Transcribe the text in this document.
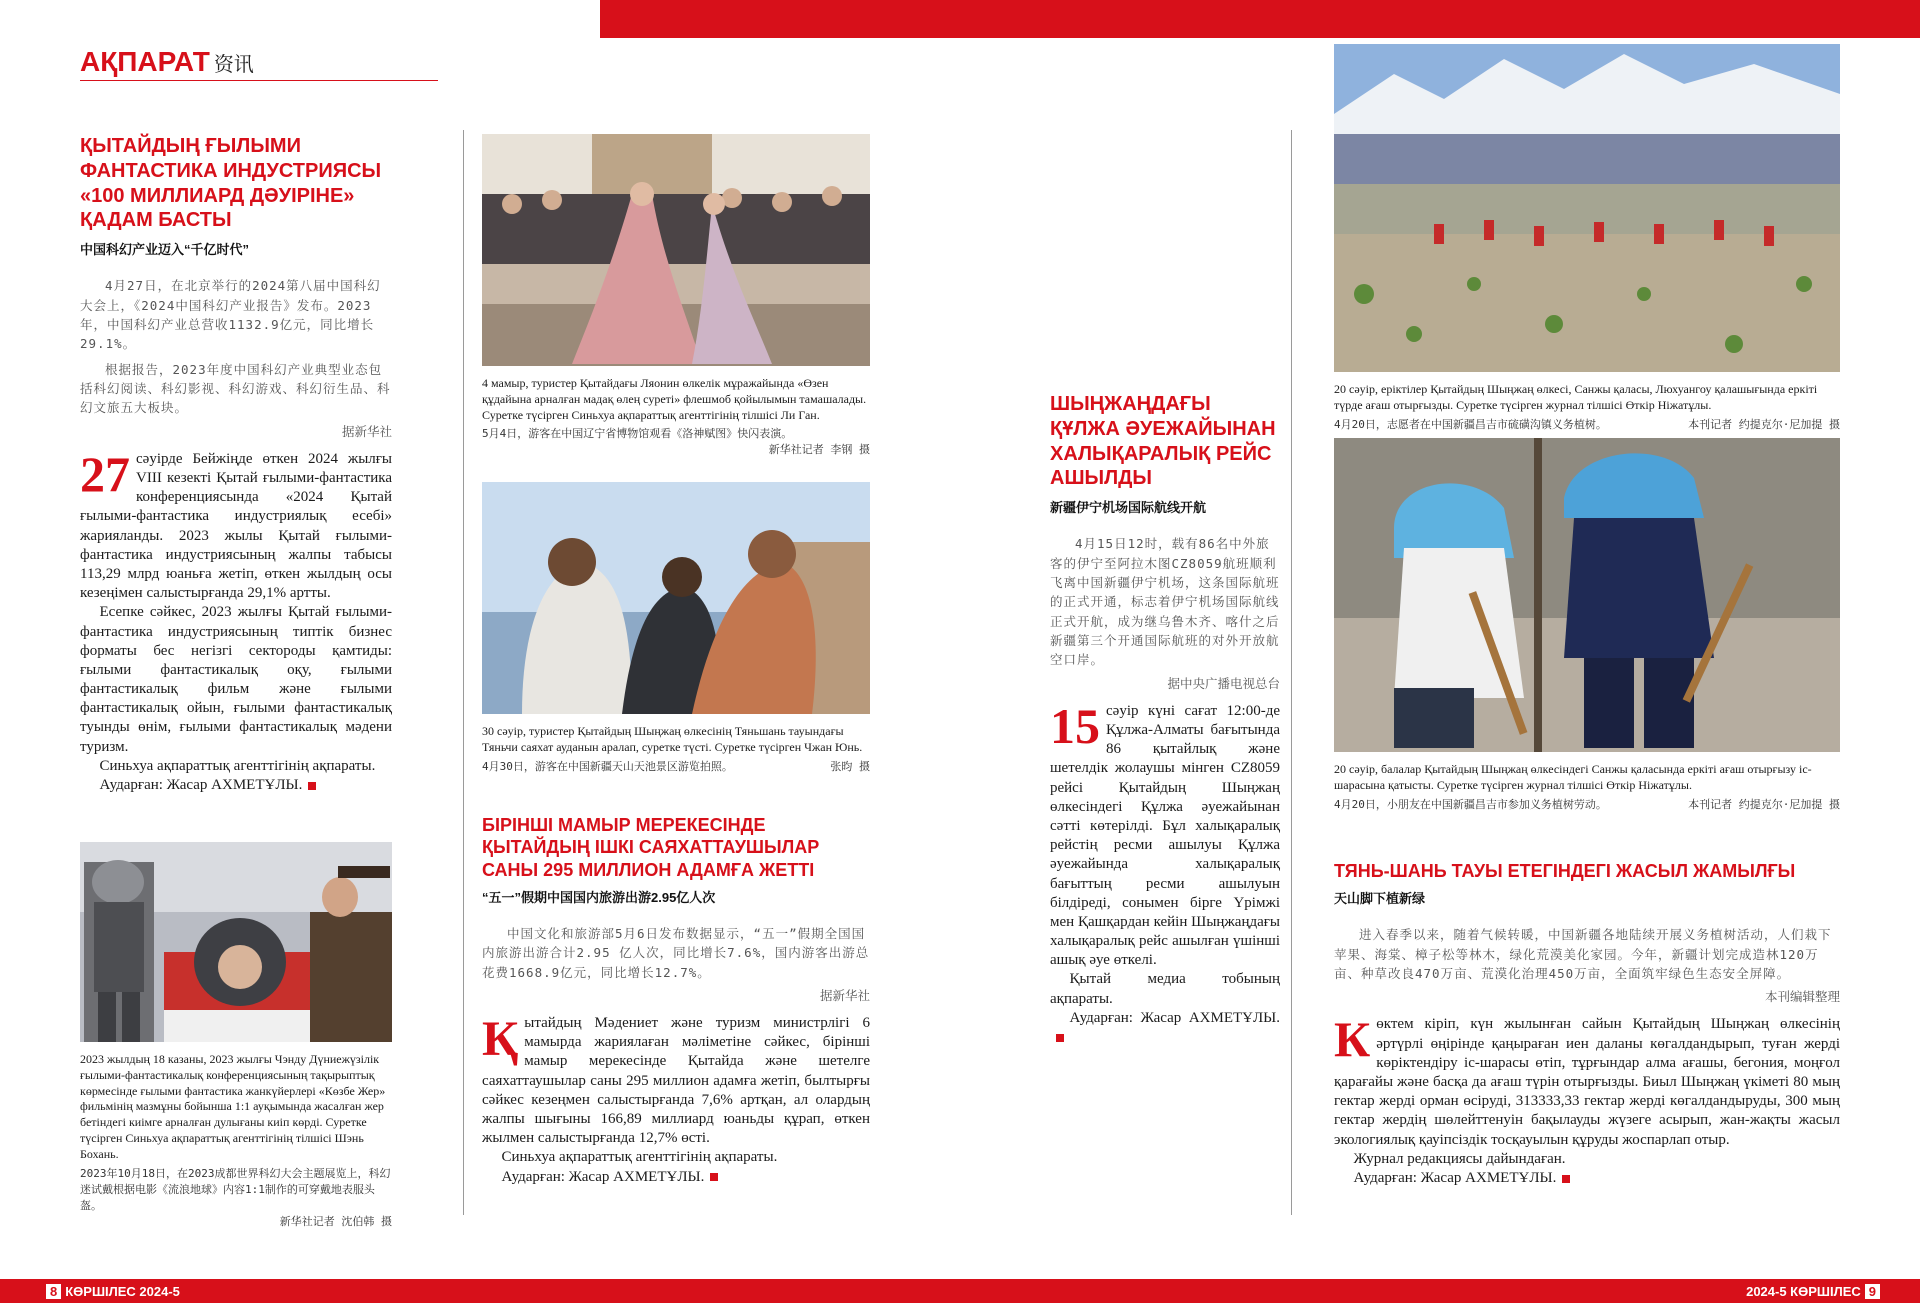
АҚПАРАТ 资讯
ҚЫТАЙДЫҢ ҒЫЛЫМИ ФАНТАСТИКА ИНДУСТРИЯСЫ «100 МИЛЛИАРД ДӘУІРІНЕ» ҚАДАМ БАСТЫ
中国科幻产业迈入“千亿时代”

4月27日，在北京举行的2024第八届中国科幻大会上，《2024中国科幻产业报告》发布。2023年，中国科幻产业总营收1132.9亿元，同比增长29.1%。

根据报告，2023年度中国科幻产业典型业态包括科幻阅读、科幻影视、科幻游戏、科幻衍生品、科幻文旅五大板块。

据新华社

27 сәуірде Бейжіңде өткен 2024 жылғы VIII кезекті Қытай ғылыми-фантастика конференциясында «2024 Қытай ғылыми-фантастика индустриялық есебі» жарияланды. 2023 жылы Қытай ғылыми-фантастика индустриясының жалпы табысы 113,29 млрд юаньға жетіп, өткен жылдың осы кезеңімен салыстырғанда 29,1% артты.

Есепке сәйкес, 2023 жылғы Қытай ғылыми-фантастика индустриясының типтік бизнес форматы бес негізгі сектороды қамтиды: ғылыми фантастикалық оқу, ғылыми фантастикалық фильм және ғылыми фантастикалық ойын, ғылыми фантастикалық туынды өнім, ғылыми фантастикалық мәдени туризм.

Синьхуа ақпараттық агенттігінің ақпараты.

Аударған: Жасар АХМЕТҰЛЫ.

2023 жылдың 18 казаны, 2023 жылғы Чэнду Дүниежүзілік ғылыми-фантастикалық конференциясының тақырыптық көрмесінде ғылыми фантастика жанкүйерлері «Көзбе Жер» фильмінің мазмұны бойынша 1:1 ауқымында жасалған жер бетіндегі киімге арналған дулығаны киіп көрді. Суретке түсірген Синьхуа ақпараттық агенттігінің тілшісі Шэнь Бохань.
2023年10月18日，在2023成都世界科幻大会主题展览上，科幻迷试戴根据电影《流浪地球》内容1:1制作的可穿戴地表服头盔。
新华社记者 沈伯韩 摄
4 мамыр, туристер Қытайдағы Ляонин өлкелік мұражайында «Өзен құдайына арналған мадақ өлең суреті» флешмоб қойылымын тамашалады. Суретке түсірген Синьхуа ақпараттық агенттігінің тілшісі Ли Ган.
5月4日，游客在中国辽宁省博物馆观看《洛神赋图》快闪表演。
新华社记者 李钢 摄
30 сәуір, туристер Қытайдың Шыңжаң өлкесінің Тяньшань тауындағы Тяньчи саяхат ауданын аралап, суретке түсті. Суретке түсірген Чжан Юнь.
4月30日，游客在中国新疆天山天池景区游览拍照。	张昀 摄
БІРІНШІ МАМЫР МЕРЕКЕСІНДЕ ҚЫТАЙДЫҢ ІШКІ САЯХАТТАУШЫЛАР САНЫ 295 МИЛЛИОН АДАМҒА ЖЕТТІ
“五一”假期中国国内旅游出游2.95亿人次

中国文化和旅游部5月6日发布数据显示，“五一”假期全国国内旅游出游合计2.95 亿人次，同比增长7.6%，国内游客出游总花费1668.9亿元，同比增长12.7%。

据新华社

Қытайдың Мәдениет және туризм министрлігі 6 мамырда жариялаған мәліметіне сәйкес, бірінші мамыр мерекесінде Қытайда және шетелге саяхаттаушылар саны 295 миллион адамға жетіп, былтырғы сәйкес кезеңмен салыстырғанда 7,6% артқан, ал олардың жалпы шығыны 166,89 миллиард юаньды құрап, өткен жылмен салыстырғанда 12,7% өсті.

Синьхуа ақпараттық агенттігінің ақпараты.

Аударған: Жасар АХМЕТҰЛЫ.

ШЫҢЖАҢДАҒЫ ҚҰЛЖА ӘУЕЖАЙЫНАН ХАЛЫҚАРАЛЫҚ РЕЙС АШЫЛДЫ
新疆伊宁机场国际航线开航

4月15日12时，载有86名中外旅客的伊宁至阿拉木图CZ8059航班顺利飞离中国新疆伊宁机场，这条国际航班的正式开通，标志着伊宁机场国际航线正式开航，成为继乌鲁木齐、喀什之后新疆第三个开通国际航班的对外开放航空口岸。

据中央广播电视总台

15 сәуір күні сағат 12:00-де Құлжа-Алматы бағытында 86 қытайлық және шетелдік жолаушы мінген CZ8059 рейсі Қытайдың Шыңжаң өлкесіндегі Құлжа әуежайынан сәтті көтерілді. Бұл халықаралық рейстің ресми ашылуы Құлжа әуежайында халықаралық бағыттың ресми ашылуын білдіреді, сонымен бірге Үрімжі мен Қашқардан кейін Шыңжаңдағы халықаралық рейс ашылған үшінші ашық әуе өткелі.

Қытай медиа тобының ақпараты.

Аударған: Жасар АХМЕТҰЛЫ.

20 сәуір, еріктілер Қытайдың Шыңжаң өлкесі, Санжы қаласы, Люхуангоу қалашығында еркіті түрде ағаш отырғызды. Суретке түсірген журнал тілшісі Өткір Ніжатұлы.
4月20日，志愿者在中国新疆昌吉市硫磺沟镇义务植树。	本刊记者 约提克尔·尼加提 摄
20 сәуір, балалар Қытайдың Шыңжаң өлкесіндегі Санжы қаласында еркіті ағаш отырғызу іс-шарасына қатысты. Суретке түсірген журнал тілшісі Өткір Ніжатұлы.
4月20日，小朋友在中国新疆昌吉市参加义务植树劳动。	本刊记者 约提克尔·尼加提 摄
ТЯНЬ-ШАНЬ ТАУЫ ЕТЕГІНДЕГІ ЖАСЫЛ ЖАМЫЛҒЫ
天山脚下植新绿

进入春季以来，随着气候转暖，中国新疆各地陆续开展义务植树活动，人们栽下苹果、海棠、樟子松等林木，绿化荒漠美化家园。今年，新疆计划完成造林120万亩、种草改良470万亩、荒漠化治理450万亩，全面筑牢绿色生态安全屏障。

本刊编辑整理

Көктем кіріп, күн жылынған сайын Қытайдың Шыңжаң өлкесінің әртүрлі өңірінде қаңыраған иен даланы көгалдандырып, туған жерді көріктендіру іс-шарасы өтіп, тұрғындар алма ағашы, бегония, моңғол қарағайы және басқа да ағаш түрін отырғызды. Биыл Шыңжаң үкіметі 80 мың гектар жерді орман өсіруді, 313333,33 гектар жерді көгалдандыруды, 300 мың гектар жердің шөлейттенуін бақылауды жүзеге асырып, жан-жақты жасыл экологиялық қауіпсіздік тосқауылын құруды жоспарлап отыр.

Журнал редакциясы дайындаған.

Аударған: Жасар АХМЕТҰЛЫ.

8 КӨРШІЛЕС 2024-5	2024-5 КӨРШІЛЕС 9
